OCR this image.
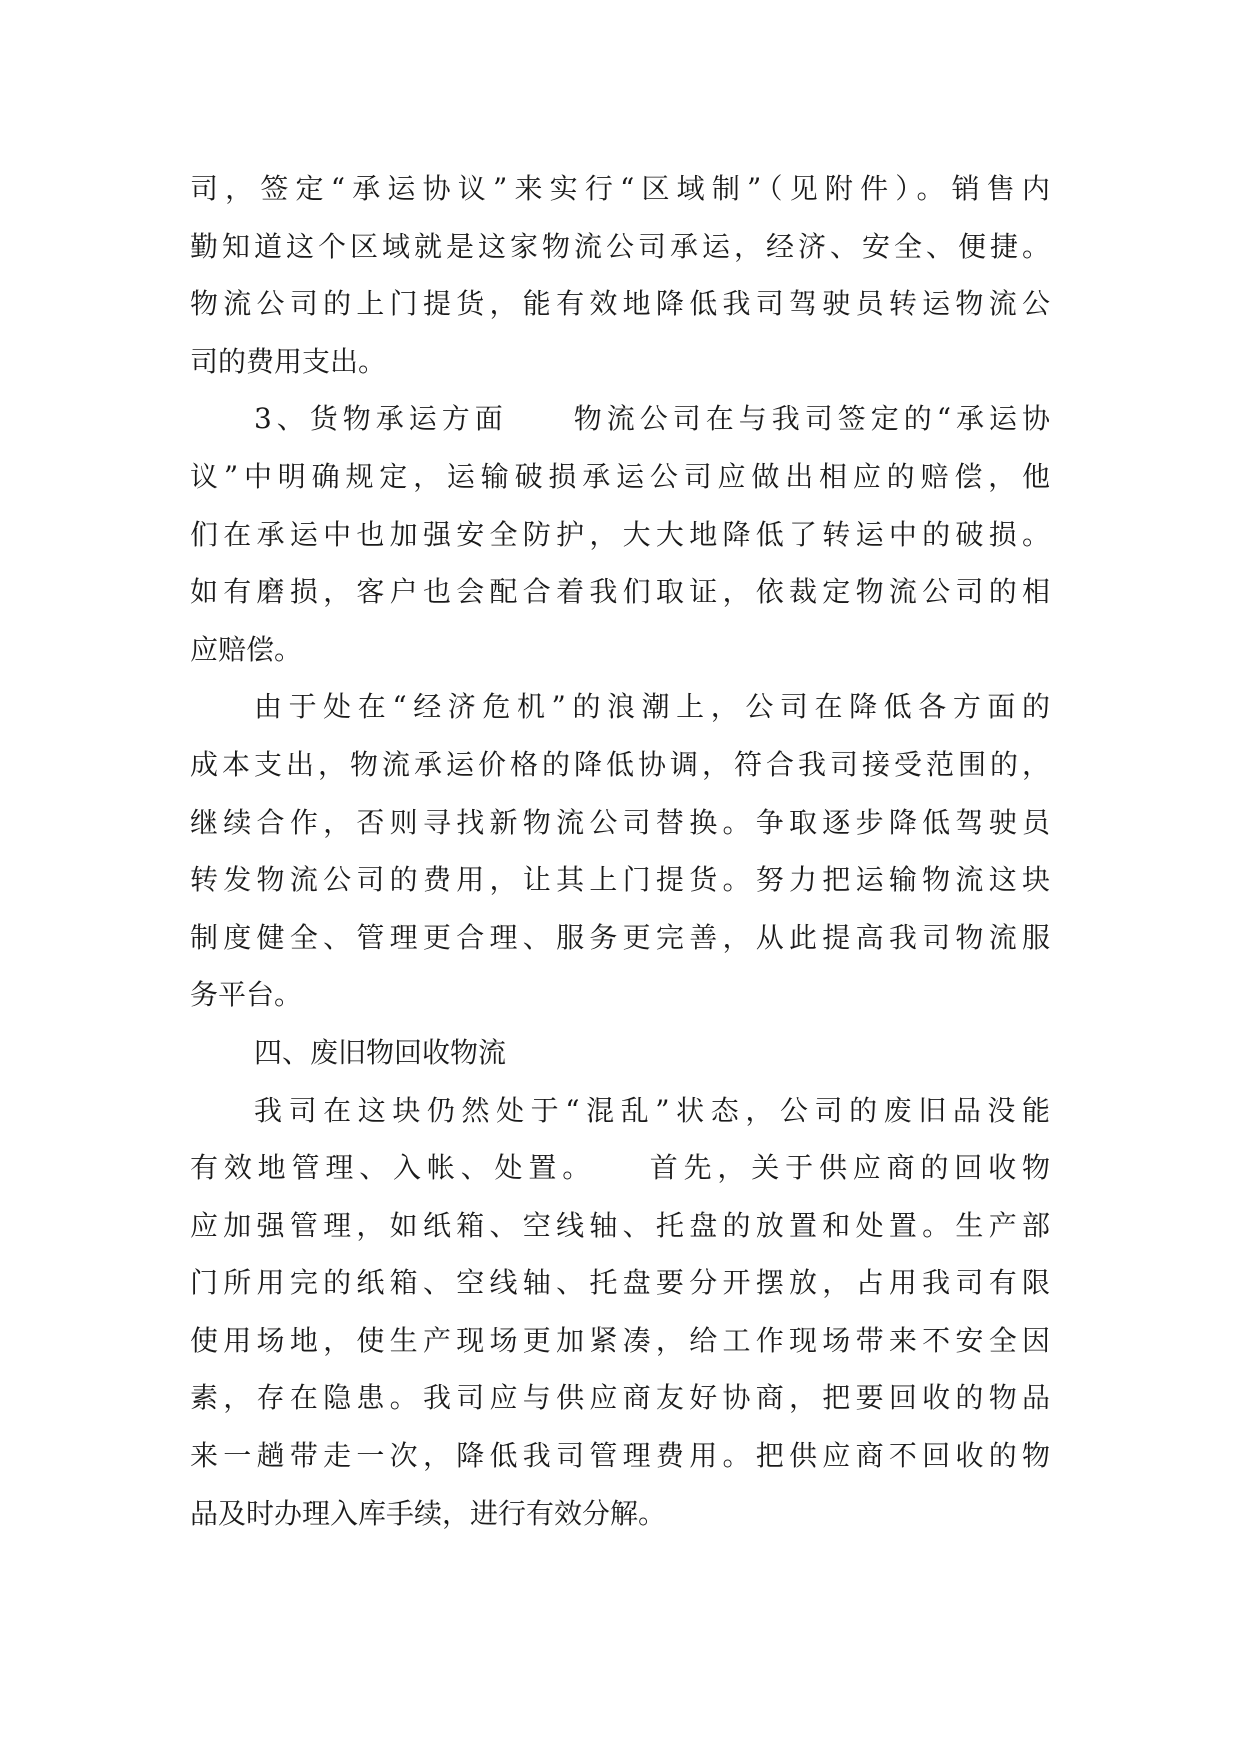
司，签定“承运协议”来实行“区域制”（见附件）。销售内
勤知道这个区域就是这家物流公司承运，经济、安全、便捷。
物流公司的上门提货，能有效地降低我司驾驶员转运物流公
司的费用支出。
3、货物承运方面　　物流公司在与我司签定的“承运协
议”中明确规定，运输破损承运公司应做出相应的赔偿，他
们在承运中也加强安全防护，大大地降低了转运中的破损。
如有磨损，客户也会配合着我们取证，依裁定物流公司的相
应赔偿。
由于处在“经济危机”的浪潮上，公司在降低各方面的
成本支出，物流承运价格的降低协调，符合我司接受范围的，
继续合作，否则寻找新物流公司替换。争取逐步降低驾驶员
转发物流公司的费用，让其上门提货。努力把运输物流这块
制度健全、管理更合理、服务更完善，从此提高我司物流服
务平台。
四、废旧物回收物流
我司在这块仍然处于“混乱”状态，公司的废旧品没能
有效地管理、入帐、处置。　　首先，关于供应商的回收物
应加强管理，如纸箱、空线轴、托盘的放置和处置。生产部
门所用完的纸箱、空线轴、托盘要分开摆放，占用我司有限
使用场地，使生产现场更加紧凑，给工作现场带来不安全因
素，存在隐患。我司应与供应商友好协商，把要回收的物品
来一趟带走一次，降低我司管理费用。把供应商不回收的物
品及时办理入库手续，进行有效分解。
